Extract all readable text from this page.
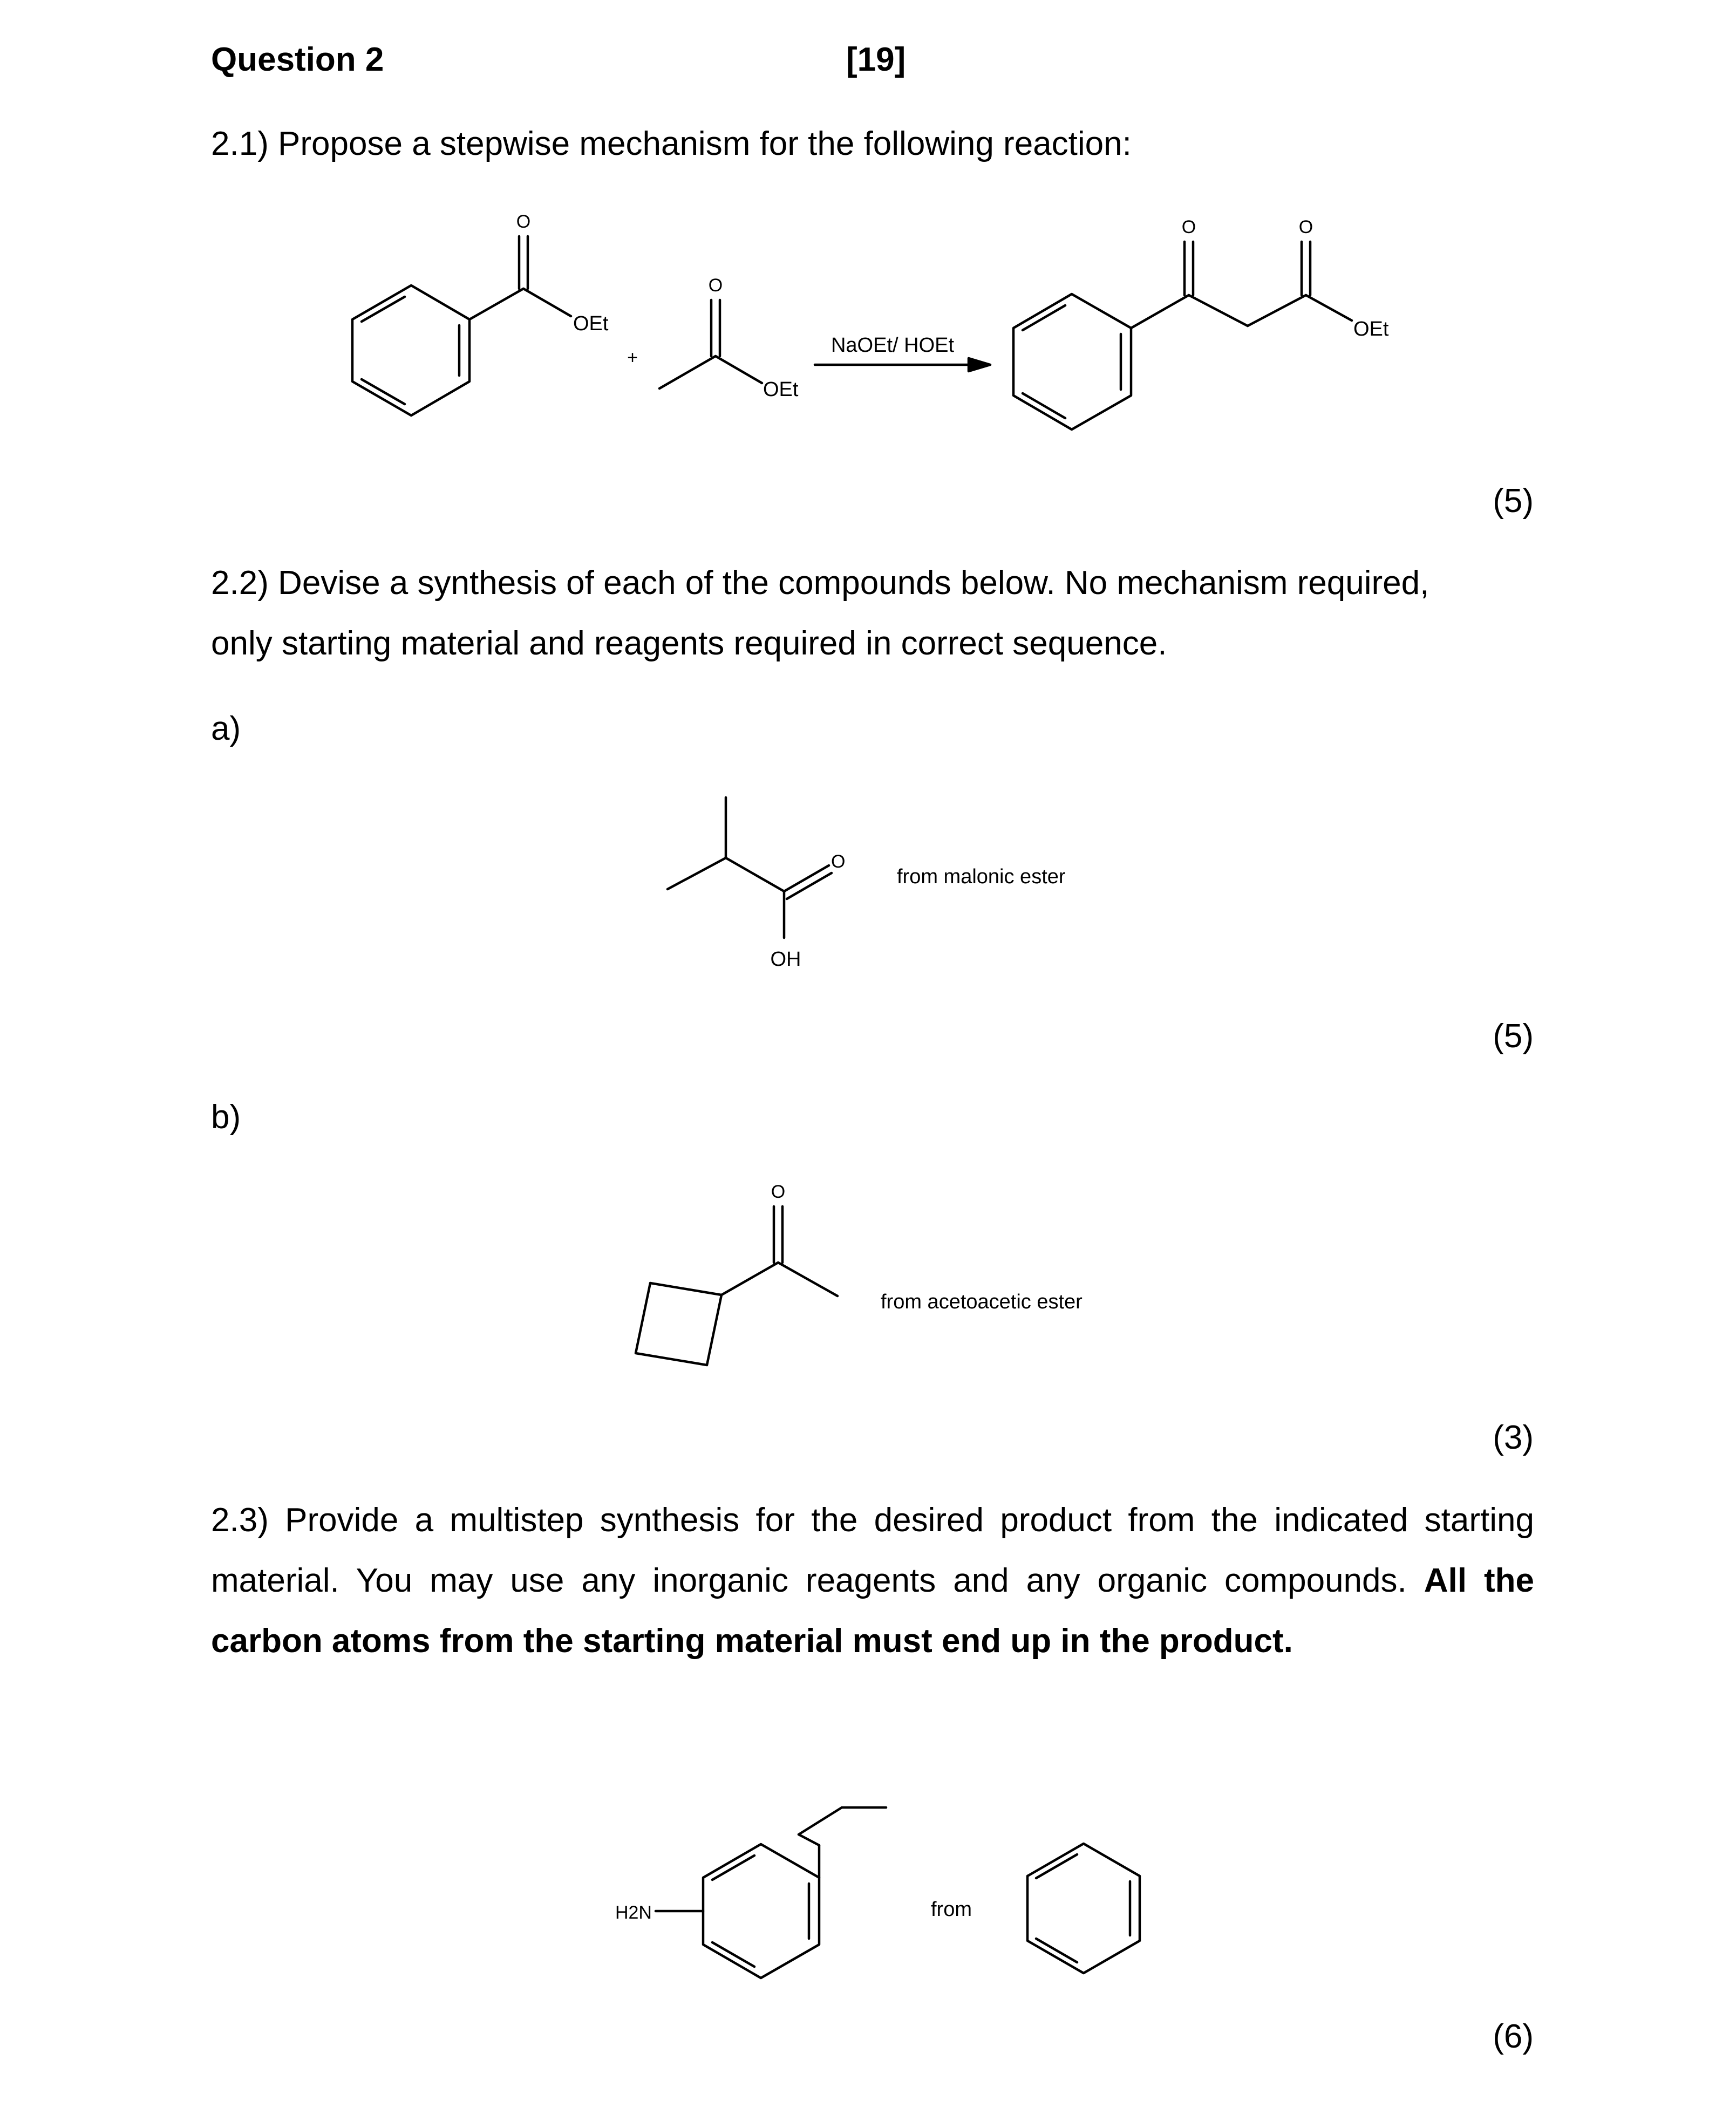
Question 2	[19]
2.1) Propose a stepwise mechanism for the following reaction:
O
OEt
+
O
OEt
NaOEt/ HOEt
O	O
OEt
(5)
2.2) Devise a synthesis of each of the compounds below. No mechanism required,
only starting material and reagents required in correct sequence.
a)
O
OH
from malonic ester
(5)
b)
O
from acetoacetic ester
(3)
2.3) Provide a multistep synthesis for the desired product from the indicated starting
material. You may use any inorganic reagents and any organic compounds. All the
carbon atoms from the starting material must end up in the product.
H2N	from
(6)
